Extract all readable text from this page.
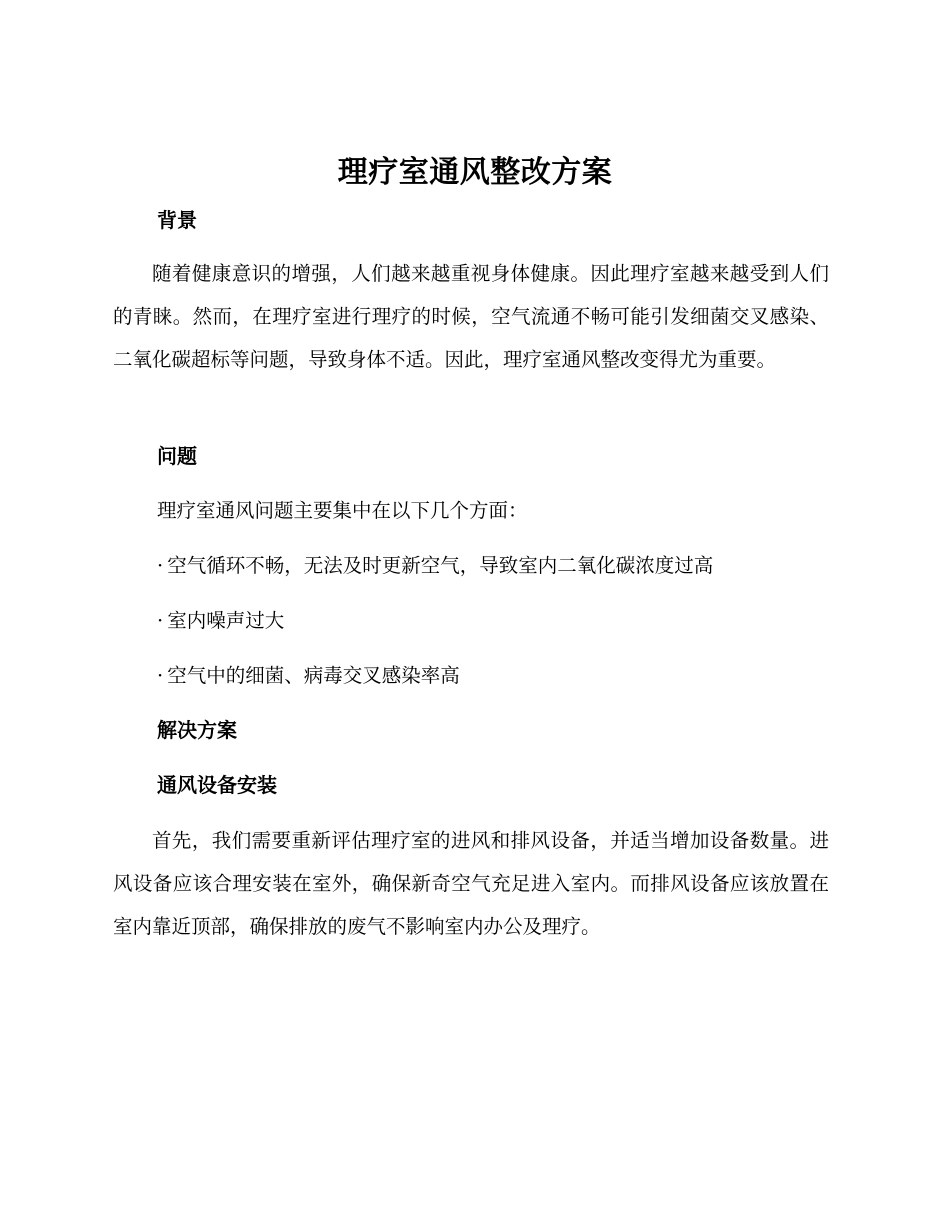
理疗室通风整改方案
背景

随着健康意识的增强，人们越来越重视身体健康。因此理疗室越来越受到人们的青睐。然而，在理疗室进行理疗的时候，空气流通不畅可能引发细菌交叉感染、二氧化碳超标等问题，导致身体不适。因此，理疗室通风整改变得尤为重要。

问题

理疗室通风问题主要集中在以下几个方面：

· 空气循环不畅，无法及时更新空气，导致室内二氧化碳浓度过高
· 室内噪声过大
· 空气中的细菌、病毒交叉感染率高
解决方案
通风设备安装

首先，我们需要重新评估理疗室的进风和排风设备，并适当增加设备数量。进风设备应该合理安装在室外，确保新奇空气充足进入室内。而排风设备应该放置在室内靠近顶部，确保排放的废气不影响室内办公及理疗。
